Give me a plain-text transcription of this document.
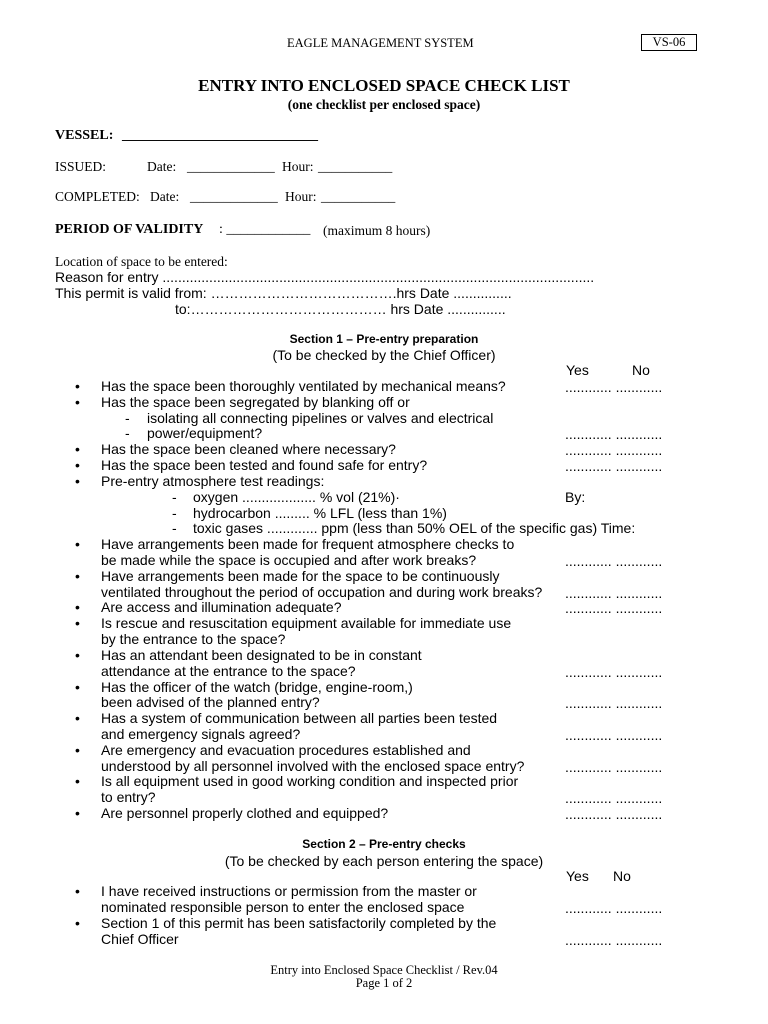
EAGLE MANAGEMENT SYSTEM	VS-06
ENTRY INTO ENCLOSED SPACE CHECK LIST
(one checklist per enclosed space)
VESSEL: ____________________________
ISSUED:	Date: _____________ Hour: ___________
COMPLETED: Date: _____________ Hour: ___________
PERIOD OF VALIDITY : ____________ (maximum 8 hours)
Location of space to be entered:
Reason for entry ...............................................................................................................
This permit is valid from: ………………………………….hrs Date ...............
to:…………………………………… hrs Date ...............
Section 1 – Pre-entry preparation
(To be checked by the Chief Officer)
Yes	No
• Has the space been thoroughly ventilated by mechanical means?	............ ............
• Has the space been segregated by blanking off or
- isolating all connecting pipelines or valves and electrical
- power/equipment?	............ ............
• Has the space been cleaned where necessary?	............ ............
• Has the space been tested and found safe for entry?	............ ............
• Pre-entry atmosphere test readings:
- oxygen ................... % vol (21%)·	By:
- hydrocarbon ......... % LFL (less than 1%)
- toxic gases ............. ppm (less than 50% OEL of the specific gas) Time:
• Have arrangements been made for frequent atmosphere checks to
be made while the space is occupied and after work breaks?	............ ............
• Have arrangements been made for the space to be continuously
ventilated throughout the period of occupation and during work breaks? ............ ............
• Are access and illumination adequate?	............ ............
• Is rescue and resuscitation equipment available for immediate use
by the entrance to the space?
• Has an attendant been designated to be in constant
attendance at the entrance to the space?	............ ............
• Has the officer of the watch (bridge, engine-room,)
been advised of the planned entry?	............ ............
• Has a system of communication between all parties been tested
and emergency signals agreed?	............ ............
• Are emergency and evacuation procedures established and
understood by all personnel involved with the enclosed space entry?	............ ............
• Is all equipment used in good working condition and inspected prior
to entry?	............ ............
• Are personnel properly clothed and equipped?	............ ............
Section 2 – Pre-entry checks
(To be checked by each person entering the space)
Yes No
• I have received instructions or permission from the master or
nominated responsible person to enter the enclosed space	............ ............
• Section 1 of this permit has been satisfactorily completed by the
Chief Officer	............ ............
Entry into Enclosed Space Checklist / Rev.04
Page 1 of 2
